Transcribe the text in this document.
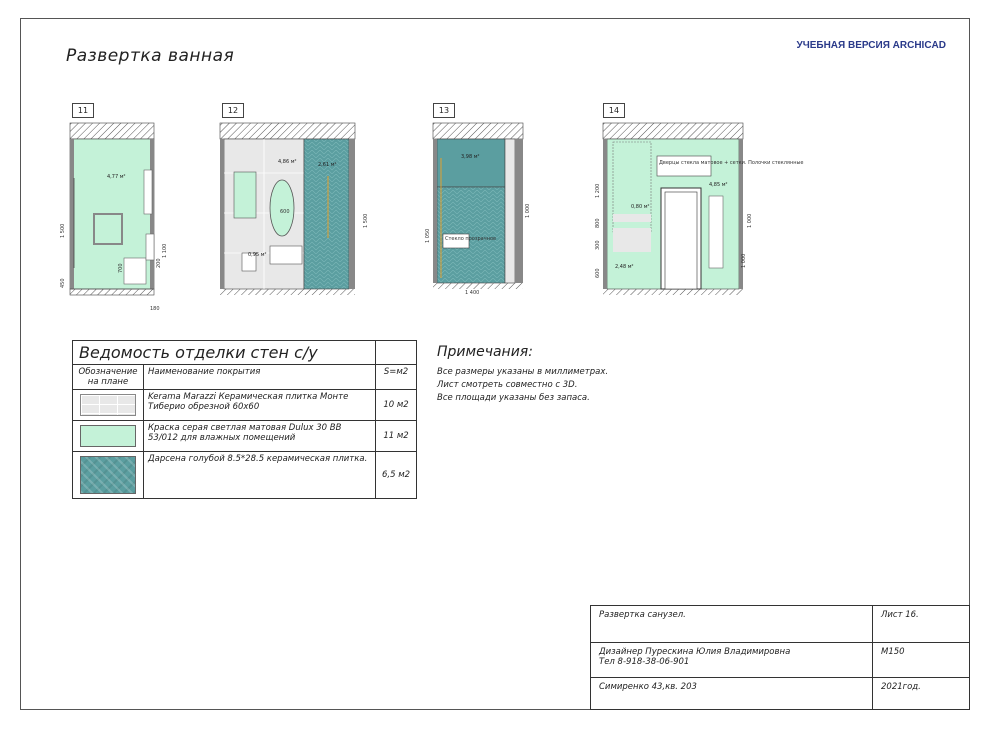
Развертка ванная
УЧЕБНАЯ ВЕРСИЯ ARCHICAD
11
4,77 м²
1 500
1 100
200
700
450
180
12
4,86 м²	2,61 м²
0,95 м²
600
1 500
13
3,98 м²
Стекло прозрачное
1 050
1 400
1 000
14
Дверцы стекла матовое + сетки. Полочки стеклянные
4,85 м²
0,80 м²
2,48 м²
1 200
800
300
1 000
1 000
600
Ведомость отделки стен с/у		
Обозначение на плане	Наименование покрытия	S=м2

	Kerama Marazzi Керамическая плитка Монте Тиберио обрезной 60х60	10 м2

	Краска серая светлая матовая Dulux 30 BB 53/012 для влажных помещений	11 м2

	Дарсена голубой 8.5*28.5 керамическая плитка.	6,5 м2
Примечания:
Все размеры указаны в миллиметрах.
Лист смотреть совместно с 3D.
Все площади указаны без запаса.
Развертка санузел.	Лист 16.

Дизайнер Пурескина Юлия Владимировна
Тел 8-918-38-06-901	М150
Симиренко 43,кв. 203	2021год.
